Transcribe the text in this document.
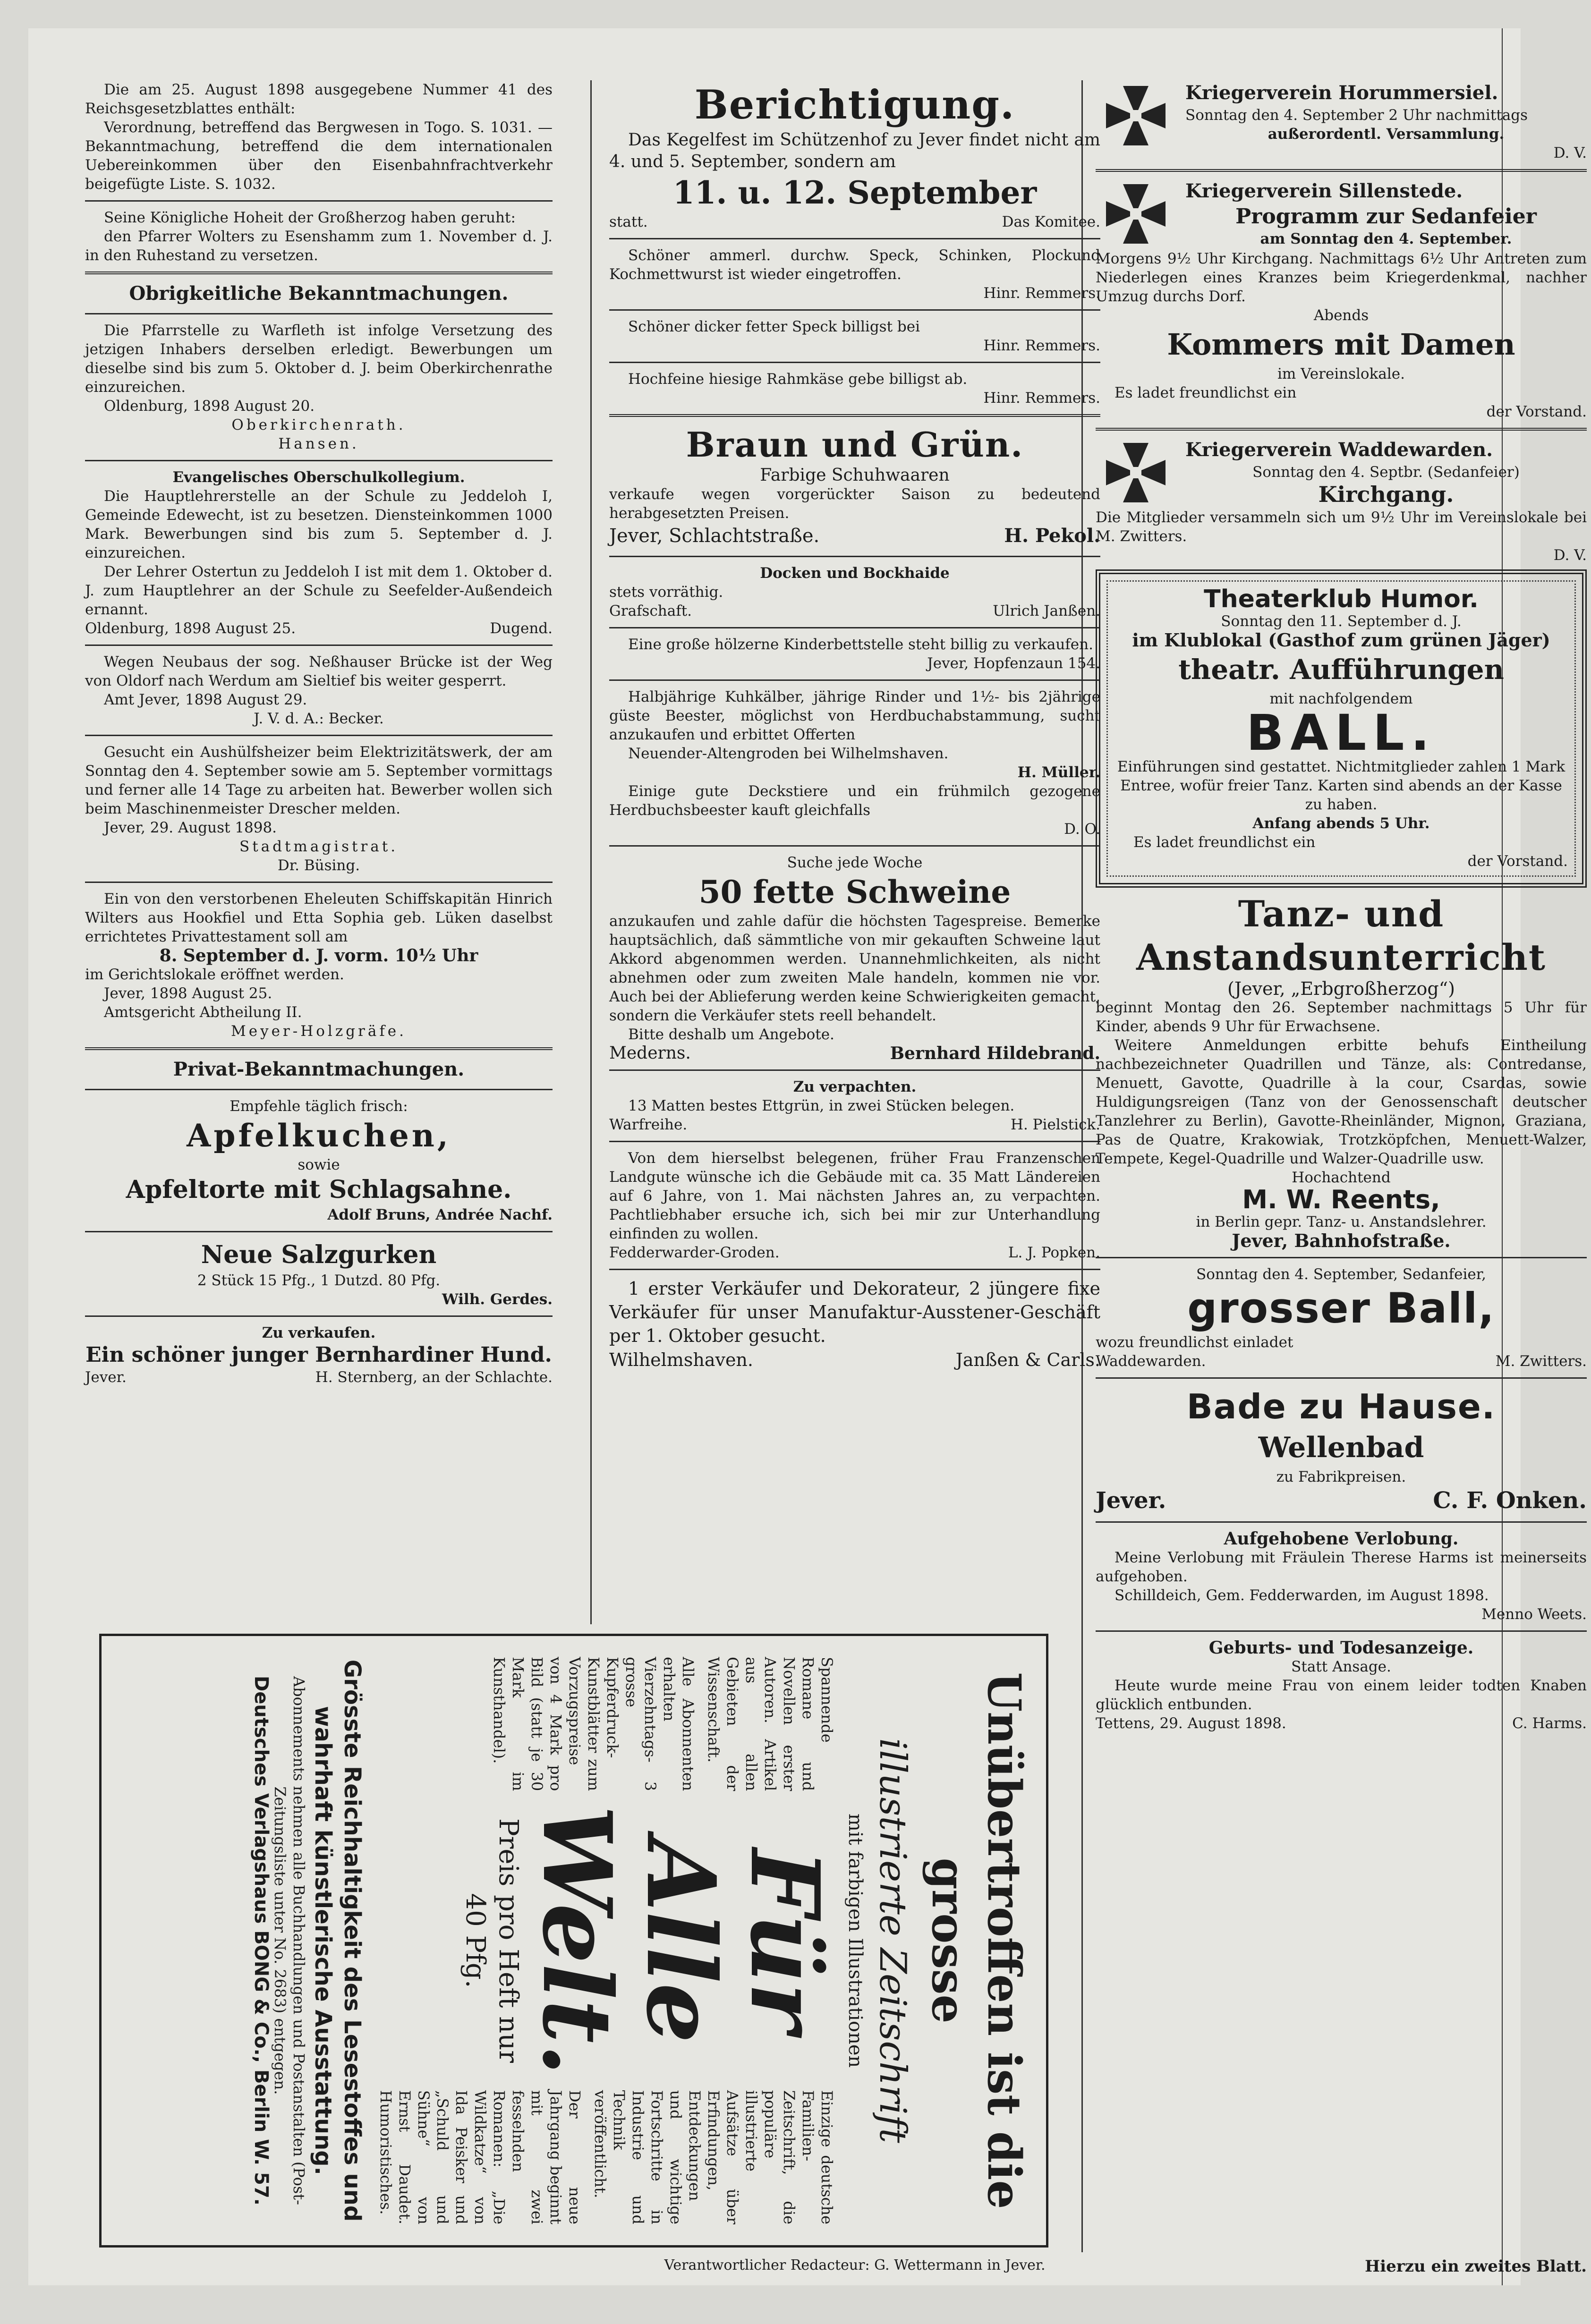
Die am 25. August 1898 ausgegebene Nummer 41 des Reichsgesetzblattes enthält:

Verordnung, betreffend das Bergwesen in Togo. S. 1031. — Bekanntmachung, betreffend die dem internationalen Uebereinkommen über den Eisenbahnfrachtverkehr beigefügte Liste. S. 1032.

Seine Königliche Hoheit der Großherzog haben geruht:

den Pfarrer Wolters zu Esenshamm zum 1. November d. J. in den Ruhestand zu versetzen.

Obrigkeitliche Bekanntmachungen.

Die Pfarrstelle zu Warfleth ist infolge Versetzung des jetzigen Inhabers derselben erledigt. Bewerbungen um dieselbe sind bis zum 5. Oktober d. J. beim Oberkirchenrathe einzureichen.

Oldenburg, 1898 August 20.

Oberkirchenrath.

Hansen.

Evangelisches Oberschulkollegium.

Die Hauptlehrerstelle an der Schule zu Jeddeloh I, Gemeinde Edewecht, ist zu besetzen. Diensteinkommen 1000 Mark. Bewerbungen sind bis zum 5. September d. J. einzureichen.

Der Lehrer Ostertun zu Jeddeloh I ist mit dem 1. Oktober d. J. zum Hauptlehrer an der Schule zu Seefelder-Außendeich ernannt.

Oldenburg, 1898 August 25.	Dugend.

Wegen Neubaus der sog. Neßhauser Brücke ist der Weg von Oldorf nach Werdum am Sieltief bis weiter gesperrt.

Amt Jever, 1898 August 29.

J. V. d. A.: Becker.

Gesucht ein Aushülfsheizer beim Elektrizitätswerk, der am Sonntag den 4. September sowie am 5. September vormittags und ferner alle 14 Tage zu arbeiten hat. Bewerber wollen sich beim Maschinenmeister Drescher melden.

Jever, 29. August 1898.

Stadtmagistrat.

Dr. Büsing.

Ein von den verstorbenen Eheleuten Schiffskapitän Hinrich Wilters aus Hookfiel und Etta Sophia geb. Lüken daselbst errichtetes Privattestament soll am

8. September d. J. vorm. 10½ Uhr

im Gerichtslokale eröffnet werden.

Jever, 1898 August 25.

Amtsgericht Abtheilung II.

Meyer-Holzgräfe.

Privat-Bekanntmachungen.

Empfehle täglich frisch:

Apfelkuchen,

sowie

Apfeltorte mit Schlagsahne.

Adolf Bruns, Andrée Nachf.

Neue Salzgurken

2 Stück 15 Pfg., 1 Dutzd. 80 Pfg.

Wilh. Gerdes.

Zu verkaufen.

Ein schöner junger Bernhardiner Hund.

Jever.	H. Sternberg, an der Schlachte.

Berichtigung.

Das Kegelfest im Schützenhof zu Jever findet nicht am 4. und 5. September, sondern am

11. u. 12. September

statt.	Das Komitee.

Schöner ammerl. durchw. Speck, Schinken, Plockund Kochmettwurst ist wieder eingetroffen.

Hinr. Remmers.

Schöner dicker fetter Speck billigst bei

Hinr. Remmers.

Hochfeine hiesige Rahmkäse gebe billigst ab.

Hinr. Remmers.

Braun und Grün.

Farbige Schuhwaaren

verkaufe wegen vorgerückter Saison zu bedeutend herabgesetzten Preisen.

Jever, Schlachtstraße.	H. Pekol.

Docken und Bockhaide

stets vorräthig.

Grafschaft.	Ulrich Janßen.

Eine große hölzerne Kinderbettstelle steht billig zu verkaufen.

Jever, Hopfenzaun 154.

Halbjährige Kuhkälber, jährige Rinder und 1½- bis 2jährige güste Beester, möglichst von Herdbuchabstammung, sucht anzukaufen und erbittet Offerten

Neuender-Altengroden bei Wilhelmshaven.

H. Müller.

Einige gute Deckstiere und ein frühmilch gezogene Herdbuchsbeester kauft gleichfalls

D. O.

Suche jede Woche

50 fette Schweine

anzukaufen und zahle dafür die höchsten Tagespreise. Bemerke hauptsächlich, daß sämmtliche von mir gekauften Schweine laut Akkord abgenommen werden. Unannehmlichkeiten, als nicht abnehmen oder zum zweiten Male handeln, kommen nie vor. Auch bei der Ablieferung werden keine Schwierigkeiten gemacht, sondern die Verkäufer stets reell behandelt.

Bitte deshalb um Angebote.

Mederns.	Bernhard Hildebrand.

Zu verpachten.

13 Matten bestes Ettgrün, in zwei Stücken belegen.

Warfreihe.	H. Pielstick.

Von dem hierselbst belegenen, früher Frau Franzenschen Landgute wünsche ich die Gebäude mit ca. 35 Matt Ländereien auf 6 Jahre, von 1. Mai nächsten Jahres an, zu verpachten. Pachtliebhaber ersuche ich, sich bei mir zur Unterhandlung einfinden zu wollen.

Fedderwarder-Groden.	L. J. Popken.

1 erster Verkäufer und Dekorateur, 2 jüngere fixe Verkäufer für unser Manufaktur-Ausstener-Geschäft per 1. Oktober gesucht.

Wilhelmshaven.	Janßen & Carls.

Kriegerverein Horummersiel.

Sonntag den 4. September 2 Uhr nachmittags

außerordentl. Versammlung.

D. V.

Kriegerverein Sillenstede.

Programm zur Sedanfeier

am Sonntag den 4. September.

Morgens 9½ Uhr Kirchgang. Nachmittags 6½ Uhr Antreten zum Niederlegen eines Kranzes beim Kriegerdenkmal, nachher Umzug durchs Dorf.

Abends

Kommers mit Damen

im Vereinslokale.

Es ladet freundlichst ein

der Vorstand.

Kriegerverein Waddewarden.

Sonntag den 4. Septbr. (Sedanfeier)

Kirchgang.

Die Mitglieder versammeln sich um 9½ Uhr im Vereinslokale bei M. Zwitters.

D. V.

Theaterklub Humor.

Sonntag den 11. September d. J.

im Klublokal (Gasthof zum grünen Jäger)

theatr. Aufführungen

mit nachfolgendem

BALL.

Einführungen sind gestattet. Nichtmitglieder zahlen 1 Mark Entree, wofür freier Tanz. Karten sind abends an der Kasse zu haben.

Anfang abends 5 Uhr.

Es ladet freundlichst ein

der Vorstand.

Tanz- und

Anstandsunterricht

(Jever, „Erbgroßherzog“)

beginnt Montag den 26. September nachmittags 5 Uhr für Kinder, abends 9 Uhr für Erwachsene.

Weitere Anmeldungen erbitte behufs Eintheilung nachbezeichneter Quadrillen und Tänze, als: Contredanse, Menuett, Gavotte, Quadrille à la cour, Csardas, sowie Huldigungsreigen (Tanz von der Genossenschaft deutscher Tanzlehrer zu Berlin), Gavotte-Rheinländer, Mignon, Graziana, Pas de Quatre, Krakowiak, Trotzköpfchen, Menuett-Walzer, Tempete, Kegel-Quadrille und Walzer-Quadrille usw.

Hochachtend

M. W. Reents,

in Berlin gepr. Tanz- u. Anstandslehrer.

Jever, Bahnhofstraße.

Sonntag den 4. September, Sedanfeier,

grosser Ball,

wozu freundlichst einladet

Waddewarden.	M. Zwitters.

Bade zu Hause.

Wellenbad

zu Fabrikpreisen.

Jever.	C. F. Onken.

Aufgehobene Verlobung.

Meine Verlobung mit Fräulein Therese Harms ist meinerseits aufgehoben.

Schilldeich, Gem. Fedderwarden, im August 1898.

Menno Weets.

Geburts- und Todesanzeige.

Statt Ansage.

Heute wurde meine Frau von einem leider todten Knaben glücklich entbunden.

Tettens, 29. August 1898.	C. Harms.

Unübertroffen ist die grosse

illustrierte Zeitschrift

mit farbigen Illustrationen

Spannende Romane und Novellen erster Autoren. Artikel aus allen Gebieten der Wissenschaft.

Alle Abonnenten erhalten Vierzehntags- 3 grosse Kupferdruck-Kunstblätter zum Vorzugspreise von 4 Mark pro Bild (statt je 30 Mark im Kunsthandel).

Für

Alle

Welt.

Preis pro Heft nur 40 Pfg.

Einzige deutsche Familien-Zeitschrift, die populäre illustrierte Aufsätze über Erfindungen, Entdeckungen und wichtige Fortschritte in Industrie und Technik veröffentlicht.

Der neue Jahrgang beginnt mit zwei fesselnden Romanen: „Die Wildkatze“ von Ida Peisker und „Schuld und Sühne“ von Ernst Daudet. Humoristisches.

Grösste Reichhaltigkeit des Lesestoffes und wahrhaft künstlerische Ausstattung.

Abonnements nehmen alle Buchhandlungen und Postanstalten (Post-Zeitungsliste unter No. 2683) entgegen.

Deutsches Verlagshaus BONG & Co., Berlin W. 57.

Verantwortlicher Redacteur: G. Wettermann in Jever.	Hierzu ein zweites Blatt.
